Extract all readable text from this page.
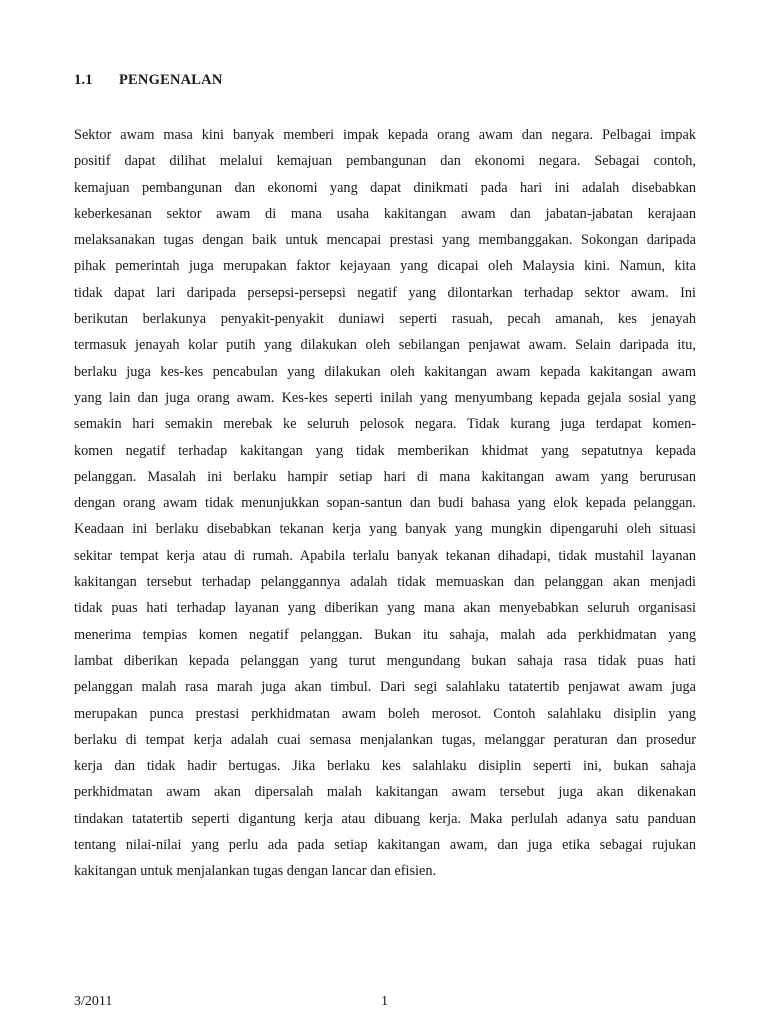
1.1 PENGENALAN
Sektor awam masa kini banyak memberi impak kepada orang awam dan negara. Pelbagai impak
positif dapat dilihat melalui kemajuan pembangunan dan ekonomi negara. Sebagai contoh,
kemajuan pembangunan dan ekonomi yang dapat dinikmati pada hari ini adalah disebabkan
keberkesanan sektor awam di mana usaha kakitangan awam dan jabatan-jabatan kerajaan
melaksanakan tugas dengan baik untuk mencapai prestasi yang membanggakan. Sokongan daripada
pihak pemerintah juga merupakan faktor kejayaan yang dicapai oleh Malaysia kini. Namun, kita
tidak dapat lari daripada persepsi-persepsi negatif yang dilontarkan terhadap sektor awam. Ini
berikutan berlakunya penyakit-penyakit duniawi seperti rasuah, pecah amanah, kes jenayah
termasuk jenayah kolar putih yang dilakukan oleh sebilangan penjawat awam. Selain daripada itu,
berlaku juga kes-kes pencabulan yang dilakukan oleh kakitangan awam kepada kakitangan awam
yang lain dan juga orang awam. Kes-kes seperti inilah yang menyumbang kepada gejala sosial yang
semakin hari semakin merebak ke seluruh pelosok negara. Tidak kurang juga terdapat komen-
komen negatif terhadap kakitangan yang tidak memberikan khidmat yang sepatutnya kepada
pelanggan. Masalah ini berlaku hampir setiap hari di mana kakitangan awam yang berurusan
dengan orang awam tidak menunjukkan sopan-santun dan budi bahasa yang elok kepada pelanggan.
Keadaan ini berlaku disebabkan tekanan kerja yang banyak yang mungkin dipengaruhi oleh situasi
sekitar tempat kerja atau di rumah. Apabila terlalu banyak tekanan dihadapi, tidak mustahil layanan
kakitangan tersebut terhadap pelanggannya adalah tidak memuaskan dan pelanggan akan menjadi
tidak puas hati terhadap layanan yang diberikan yang mana akan menyebabkan seluruh organisasi
menerima tempias komen negatif pelanggan. Bukan itu sahaja, malah ada perkhidmatan yang
lambat diberikan kepada pelanggan yang turut mengundang bukan sahaja rasa tidak puas hati
pelanggan malah rasa marah juga akan timbul. Dari segi salahlaku tatatertib penjawat awam juga
merupakan punca prestasi perkhidmatan awam boleh merosot. Contoh salahlaku disiplin yang
berlaku di tempat kerja adalah cuai semasa menjalankan tugas, melanggar peraturan dan prosedur
kerja dan tidak hadir bertugas. Jika berlaku kes salahlaku disiplin seperti ini, bukan sahaja
perkhidmatan awam akan dipersalah malah kakitangan awam tersebut juga akan dikenakan
tindakan tatatertib seperti digantung kerja atau dibuang kerja. Maka perlulah adanya satu panduan
tentang nilai-nilai yang perlu ada pada setiap kakitangan awam, dan juga etika sebagai rujukan
kakitangan untuk menjalankan tugas dengan lancar dan efisien.
3/2011	1
